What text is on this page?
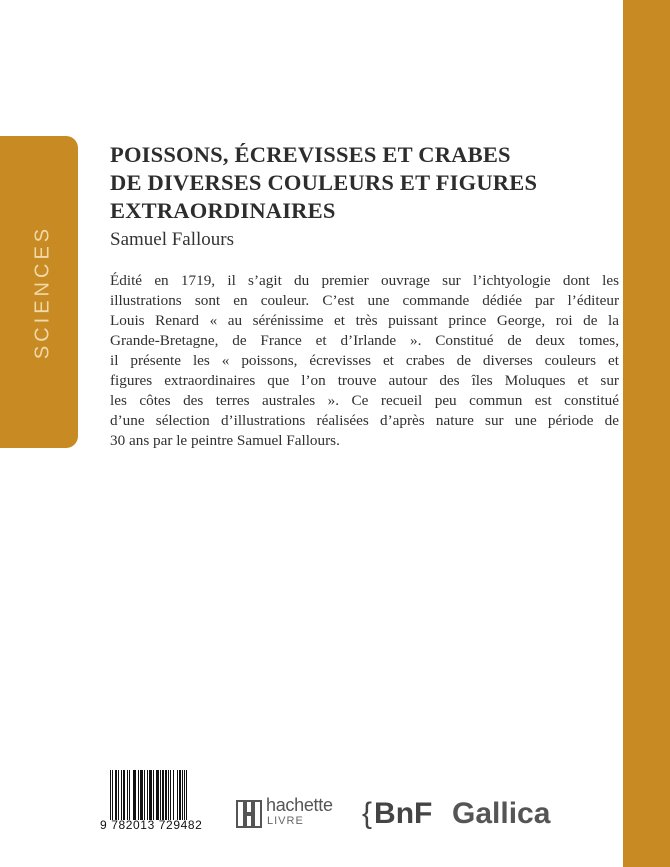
SCIENCES
POISSONS, ÉCREVISSES ET CRABES
DE DIVERSES COULEURS ET FIGURES
EXTRAORDINAIRES
Samuel Fallours

Édité en 1719, il s’agit du premier ouvrage sur l’ichtyologie dont les
illustrations sont en couleur. C’est une commande dédiée par l’éditeur
Louis Renard « au sérénissime et très puissant prince George, roi de la
Grande-Bretagne, de France et d’Irlande ». Constitué de deux tomes,
il présente les « poissons, écrevisses et crabes de diverses couleurs et
figures extraordinaires que l’on trouve autour des îles Moluques et sur
les côtes des terres australes ». Ce recueil peu commun est constitué
d’une sélection d’illustrations réalisées d’après nature sur une période de
30 ans par le peintre Samuel Fallours.

9 782013 729482
hachette
LIVRE {BnF Gallica
